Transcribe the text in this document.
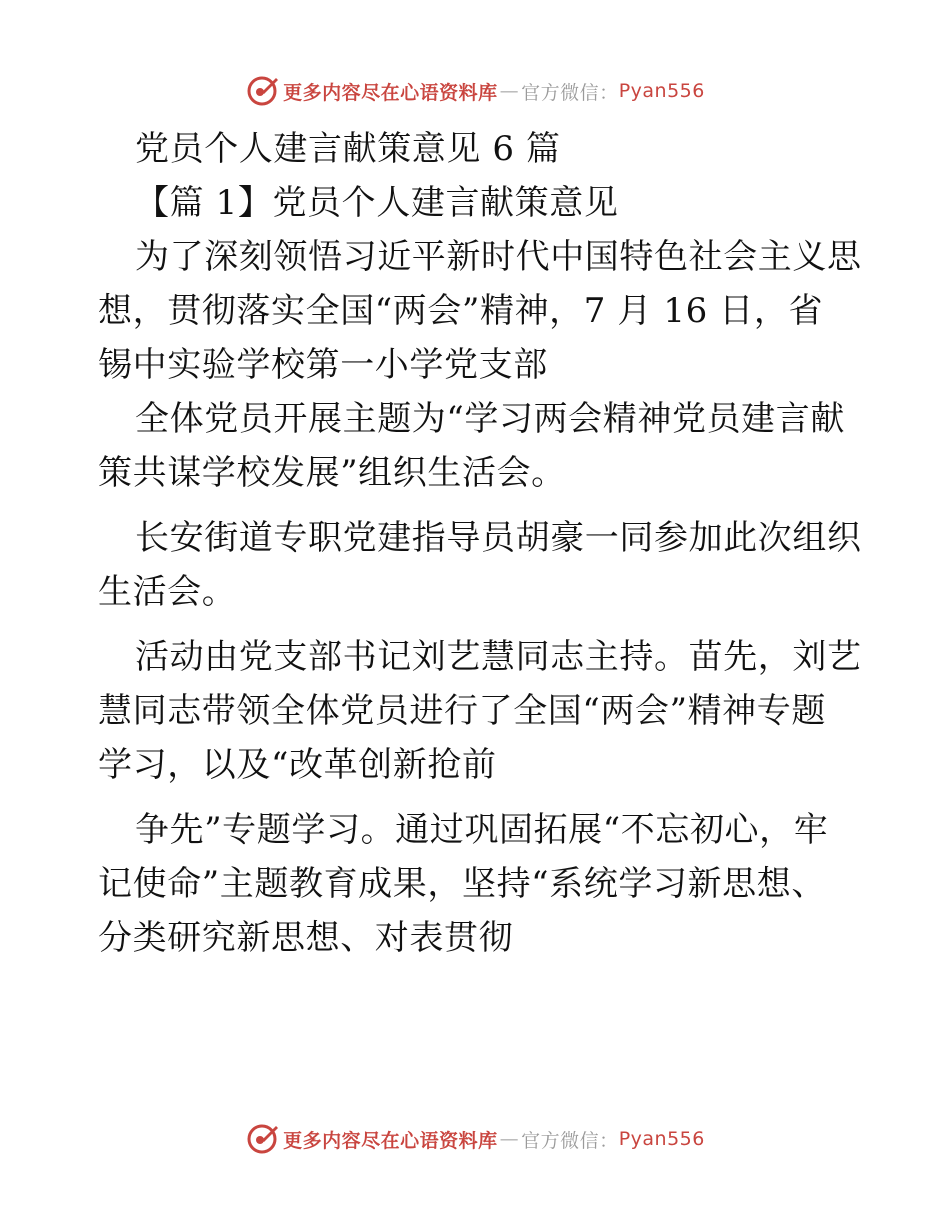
更多内容尽在心语资料库 — 官方微信： Pyan556
党员个人建言献策意见 6 篇
【篇 1】党员个人建言献策意见
为了深刻领悟习近平新时代中国特色社会主义思
想，贯彻落实全国“两会”精神，7 月 16 日，省
锡中实验学校第一小学党支部
全体党员开展主题为“学习两会精神党员建言献
策共谋学校发展”组织生活会。
长安街道专职党建指导员胡豪一同参加此次组织
生活会。
活动由党支部书记刘艺慧同志主持。苗先，刘艺
慧同志带领全体党员进行了全国“两会”精神专题
学习，以及“改革创新抢前
争先”专题学习。通过巩固拓展“不忘初心，牢
记使命”主题教育成果，坚持“系统学习新思想、
分类研究新思想、对表贯彻
更多内容尽在心语资料库 — 官方微信： Pyan556
